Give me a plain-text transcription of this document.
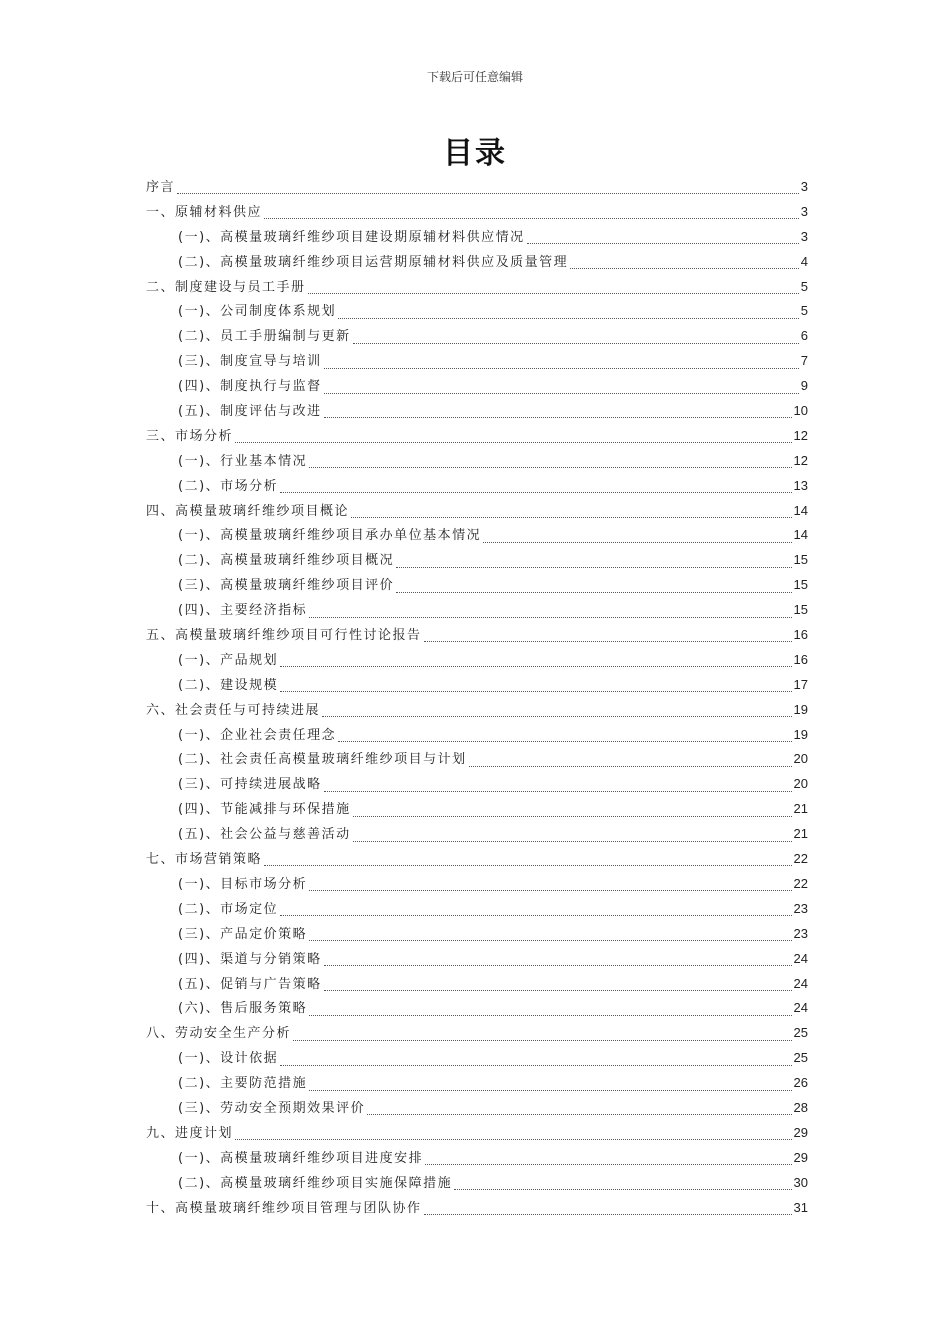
下载后可任意编辑
目录
序言	3
一、原辅材料供应	3
(一)、高模量玻璃纤维纱项目建设期原辅材料供应情况	3
(二)、高模量玻璃纤维纱项目运营期原辅材料供应及质量管理	4
二、制度建设与员工手册	5
(一)、公司制度体系规划	5
(二)、员工手册编制与更新	6
(三)、制度宣导与培训	7
(四)、制度执行与监督	9
(五)、制度评估与改进	10
三、市场分析	12
(一)、行业基本情况	12
(二)、市场分析	13
四、高模量玻璃纤维纱项目概论	14
(一)、高模量玻璃纤维纱项目承办单位基本情况	14
(二)、高模量玻璃纤维纱项目概况	15
(三)、高模量玻璃纤维纱项目评价	15
(四)、主要经济指标	15
五、高模量玻璃纤维纱项目可行性讨论报告	16
(一)、产品规划	16
(二)、建设规模	17
六、社会责任与可持续进展	19
(一)、企业社会责任理念	19
(二)、社会责任高模量玻璃纤维纱项目与计划	20
(三)、可持续进展战略	20
(四)、节能减排与环保措施	21
(五)、社会公益与慈善活动	21
七、市场营销策略	22
(一)、目标市场分析	22
(二)、市场定位	23
(三)、产品定价策略	23
(四)、渠道与分销策略	24
(五)、促销与广告策略	24
(六)、售后服务策略	24
八、劳动安全生产分析	25
(一)、设计依据	25
(二)、主要防范措施	26
(三)、劳动安全预期效果评价	28
九、进度计划	29
(一)、高模量玻璃纤维纱项目进度安排	29
(二)、高模量玻璃纤维纱项目实施保障措施	30
十、高模量玻璃纤维纱项目管理与团队协作	31
